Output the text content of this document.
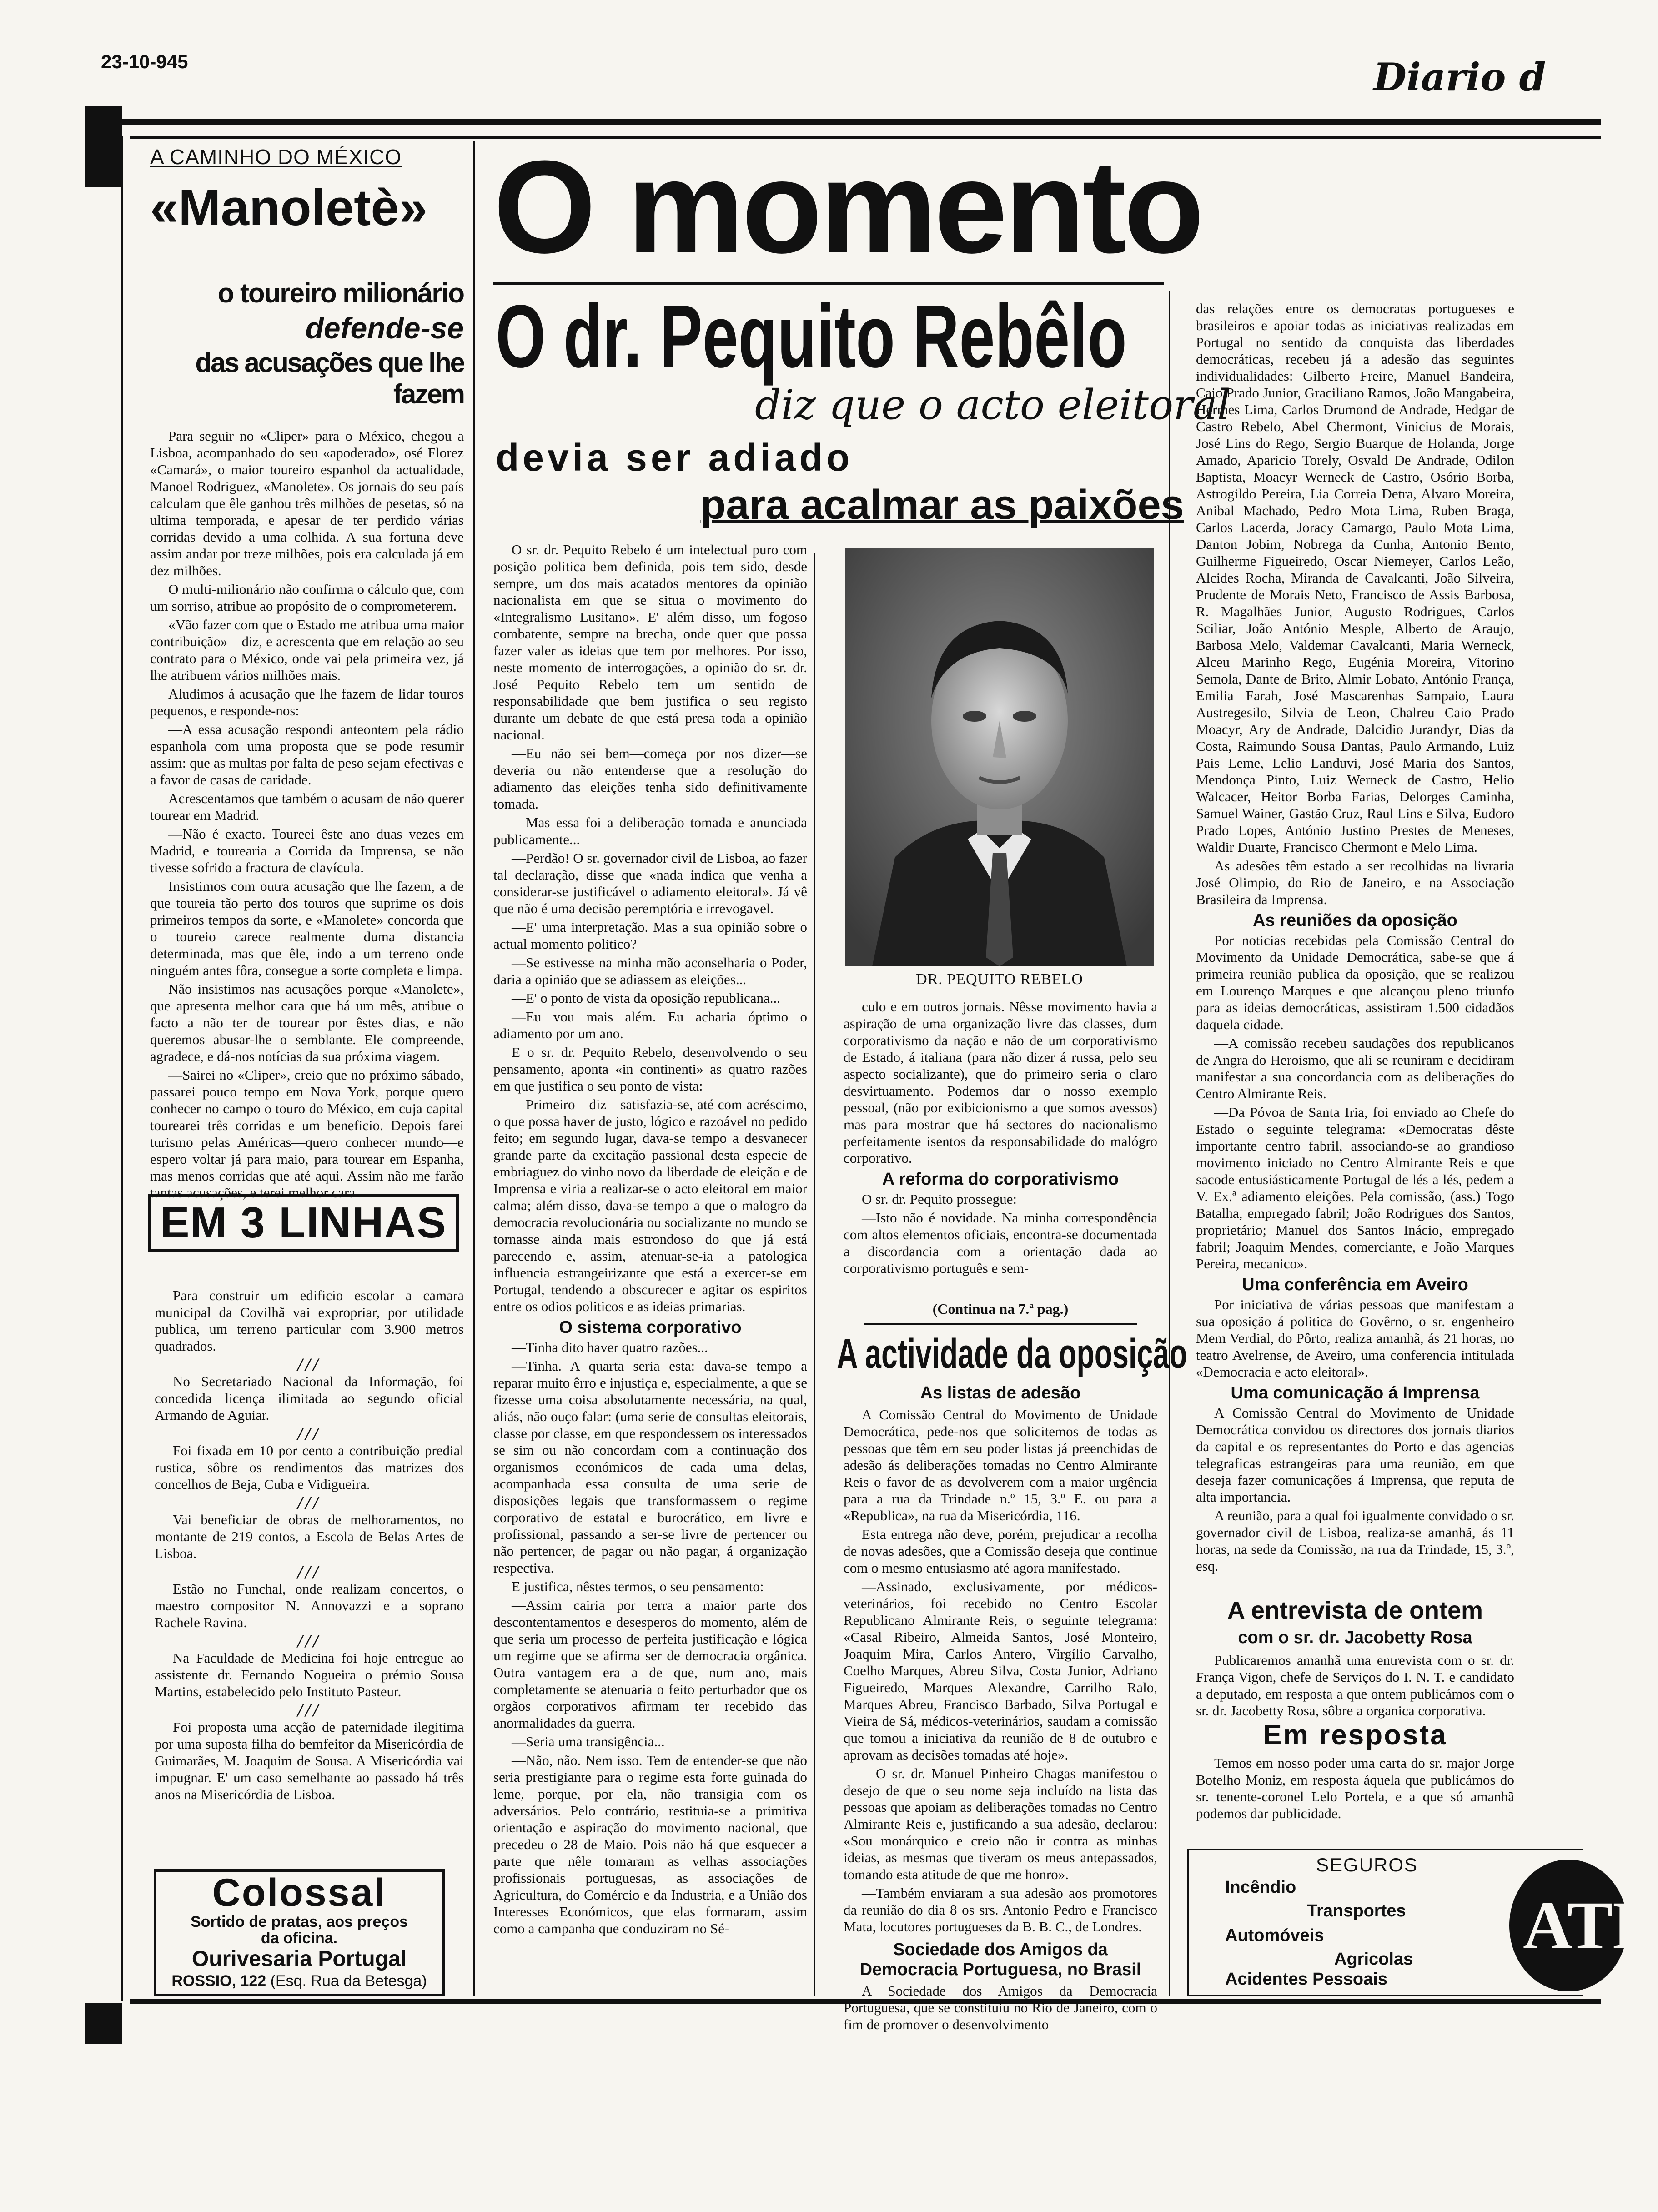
23-10-945	Diario d
A CAMINHO DO MÉXICO
«Manoletè»
o toureiro milionário
defende-se
das acusações que lhe fazem

Para seguir no «Cliper» para o México, chegou a Lisboa, acompanhado do seu «apoderado», osé Florez «Camará», o maior toureiro espanhol da actualidade, Manoel Rodriguez, «Manolete». Os jornais do seu país calculam que êle ganhou três milhões de pesetas, só na ultima temporada, e apesar de ter perdido várias corridas devido a uma colhida. A sua fortuna deve assim andar por treze milhões, pois era calculada já em dez milhões.

O multi-milionário não confirma o cálculo que, com um sorriso, atribue ao propósito de o comprometerem.

«Vão fazer com que o Estado me atribua uma maior contribuição»—diz, e acrescenta que em relação ao seu contrato para o México, onde vai pela primeira vez, já lhe atribuem vários milhões mais.

Aludimos á acusação que lhe fazem de lidar touros pequenos, e responde-nos:

—A essa acusação respondi anteontem pela rádio espanhola com uma proposta que se pode resumir assim: que as multas por falta de peso sejam efectivas e a favor de casas de caridade.

Acrescentamos que também o acusam de não querer tourear em Madrid.

—Não é exacto. Toureei êste ano duas vezes em Madrid, e tourearia a Corrida da Imprensa, se não tivesse sofrido a fractura de clavícula.

Insistimos com outra acusação que lhe fazem, a de que toureia tão perto dos touros que suprime os dois primeiros tempos da sorte, e «Manolete» concorda que o toureio carece realmente duma distancia determinada, mas que êle, indo a um terreno onde ninguém antes fôra, consegue a sorte completa e limpa.

Não insistimos nas acusações porque «Manolete», que apresenta melhor cara que há um mês, atribue o facto a não ter de tourear por êstes dias, e não queremos abusar-lhe o semblante. Ele compreende, agradece, e dá-nos notícias da sua próxima viagem.

—Sairei no «Cliper», creio que no próximo sábado, passarei pouco tempo em Nova York, porque quero conhecer no campo o touro do México, em cuja capital tourearei três corridas e um beneficio. Depois farei turismo pelas Américas—quero conhecer mundo—e espero voltar já para maio, para tourear em Espanha, mas menos corridas que até aqui. Assim não me farão tantas acusações, e terei melhor cara.

EM 3 LINHAS

Para construir um edificio escolar a camara municipal da Covilhã vai expropriar, por utilidade publica, um terreno particular com 3.900 metros quadrados.

///

No Secretariado Nacional da Informação, foi concedida licença ilimitada ao segundo oficial Armando de Aguiar.

///

Foi fixada em 10 por cento a contribuição predial rustica, sôbre os rendimentos das matrizes dos concelhos de Beja, Cuba e Vidigueira.

///

Vai beneficiar de obras de melhoramentos, no montante de 219 contos, a Escola de Belas Artes de Lisboa.

///

Estão no Funchal, onde realizam concertos, o maestro compositor N. Annovazzi e a soprano Rachele Ravina.

///

Na Faculdade de Medicina foi hoje entregue ao assistente dr. Fernando Nogueira o prémio Sousa Martins, estabelecido pelo Instituto Pasteur.

///

Foi proposta uma acção de paternidade ilegitima por uma suposta filha do bemfeitor da Misericórdia de Guimarães, M. Joaquim de Sousa. A Misericórdia vai impugnar. E' um caso semelhante ao passado há três anos na Misericórdia de Lisboa.

Colossal
Sortido de pratas, aos preços
da oficina.
Ourivesaria Portugal
ROSSIO, 122 (Esq. Rua da Betesga)
O momento
O dr. Pequito Rebêlo
diz que o acto eleitoral
devia ser adiado
para acalmar as paixões

O sr. dr. Pequito Rebelo é um intelectual puro com posição politica bem definida, pois tem sido, desde sempre, um dos mais acatados mentores da opinião nacionalista em que se situa o movimento do «Integralismo Lusitano». E' além disso, um fogoso combatente, sempre na brecha, onde quer que possa fazer valer as ideias que tem por melhores. Por isso, neste momento de interrogações, a opinião do sr. dr. José Pequito Rebelo tem um sentido de responsabilidade que bem justifica o seu registo durante um debate de que está presa toda a opinião nacional.

—Eu não sei bem—começa por nos dizer—se deveria ou não entenderse que a resolução do adiamento das eleições tenha sido definitivamente tomada.

—Mas essa foi a deliberação tomada e anunciada publicamente...

—Perdão! O sr. governador civil de Lisboa, ao fazer tal declaração, disse que «nada indica que venha a considerar-se justificável o adiamento eleitoral». Já vê que não é uma decisão peremptória e irrevogavel.

—E' uma interpretação. Mas a sua opinião sobre o actual momento politico?

—Se estivesse na minha mão aconselharia o Poder, daria a opinião que se adiassem as eleições...

—E' o ponto de vista da oposição republicana...

—Eu vou mais além. Eu acharia óptimo o adiamento por um ano.

E o sr. dr. Pequito Rebelo, desenvolvendo o seu pensamento, aponta «in continenti» as quatro razões em que justifica o seu ponto de vista:

—Primeiro—diz—satisfazia-se, até com acréscimo, o que possa haver de justo, lógico e razoável no pedido feito; em segundo lugar, dava-se tempo a desvanecer grande parte da excitação passional desta especie de embriaguez do vinho novo da liberdade de eleição e de Imprensa e viria a realizar-se o acto eleitoral em maior calma; além disso, dava-se tempo a que o malogro da democracia revolucionária ou socializante no mundo se tornasse ainda mais estrondoso do que já está parecendo e, assim, atenuar-se-ia a patologica influencia estrangeirizante que está a exercer-se em Portugal, tendendo a obscurecer e agitar os espiritos entre os odios politicos e as ideias primarias.

O sistema corporativo

—Tinha dito haver quatro razões...

—Tinha. A quarta seria esta: dava-se tempo a reparar muito êrro e injustiça e, especialmente, a que se fizesse uma coisa absolutamente necessária, na qual, aliás, não ouço falar: (uma serie de consultas eleitorais, classe por classe, em que respondessem os interessados se sim ou não concordam com a continuação dos organismos económicos de cada uma delas, acompanhada essa consulta de uma serie de disposições legais que transformassem o regime corporativo de estatal e burocrático, em livre e profissional, passando a ser-se livre de pertencer ou não pertencer, de pagar ou não pagar, á organização respectiva.

E justifica, nêstes termos, o seu pensamento:

—Assim cairia por terra a maior parte dos descontentamentos e desesperos do momento, além de que seria um processo de perfeita justificação e lógica um regime que se afirma ser de democracia orgânica. Outra vantagem era a de que, num ano, mais completamente se atenuaria o feito perturbador que os orgãos corporativos afirmam ter recebido das anormalidades da guerra.

—Seria uma transigência...

—Não, não. Nem isso. Tem de entender-se que não seria prestigiante para o regime esta forte guinada do leme, porque, por ela, não transigia com os adversários. Pelo contrário, restituia-se a primitiva orientação e aspiração do movimento nacional, que precedeu o 28 de Maio. Pois não há que esquecer a parte que nêle tomaram as velhas associações profissionais portuguesas, as associações de Agricultura, do Comércio e da Industria, e a União dos Interesses Económicos, que elas formaram, assim como a campanha que conduziram no Sé-

DR. PEQUITO REBELO

culo e em outros jornais. Nêsse movimento havia a aspiração de uma organização livre das classes, dum corporativismo da nação e não de um corporativismo de Estado, á italiana (para não dizer á russa, pelo seu aspecto socializante), que do primeiro seria o claro desvirtuamento. Podemos dar o nosso exemplo pessoal, (não por exibicionismo a que somos avessos) mas para mostrar que há sectores do nacionalismo perfeitamente isentos da responsabilidade do malógro corporativo.

A reforma do corporativismo

O sr. dr. Pequito prossegue:

—Isto não é novidade. Na minha correspondência com altos elementos oficiais, encontra-se documentada a discordancia com a orientação dada ao corporativismo português e sem-

(Continua na 7.ª pag.)
A actividade da oposição
As listas de adesão

A Comissão Central do Movimento de Unidade Democrática, pede-nos que solicitemos de todas as pessoas que têm em seu poder listas já preenchidas de adesão ás deliberações tomadas no Centro Almirante Reis o favor de as devolverem com a maior urgência para a rua da Trindade n.º 15, 3.º E. ou para a «Republica», na rua da Misericórdia, 116.

Esta entrega não deve, porém, prejudicar a recolha de novas adesões, que a Comissão deseja que continue com o mesmo entusiasmo até agora manifestado.

—Assinado, exclusivamente, por médicos-veterinários, foi recebido no Centro Escolar Republicano Almirante Reis, o seguinte telegrama: «Casal Ribeiro, Almeida Santos, José Monteiro, Joaquim Mira, Carlos Antero, Virgílio Carvalho, Coelho Marques, Abreu Silva, Costa Junior, Adriano Figueiredo, Marques Alexandre, Carrilho Ralo, Marques Abreu, Francisco Barbado, Silva Portugal e Vieira de Sá, médicos-veterinários, saudam a comissão que tomou a iniciativa da reunião de 8 de outubro e aprovam as decisões tomadas até hoje».

—O sr. dr. Manuel Pinheiro Chagas manifestou o desejo de que o seu nome seja incluído na lista das pessoas que apoiam as deliberações tomadas no Centro Almirante Reis e, justificando a sua adesão, declarou: «Sou monárquico e creio não ir contra as minhas ideias, as mesmas que tiveram os meus antepassados, tomando esta atitude de que me honro».

—Também enviaram a sua adesão aos promotores da reunião do dia 8 os srs. Antonio Pedro e Francisco Mata, locutores portugueses da B. B. C., de Londres.

Sociedade dos Amigos da Democracia Portuguesa, no Brasil

A Sociedade dos Amigos da Democracia Portuguesa, que se constituiu no Rio de Janeiro, com o fim de promover o desenvolvimento

das relações entre os democratas portugueses e brasileiros e apoiar todas as iniciativas realizadas em Portugal no sentido da conquista das liberdades democráticas, recebeu já a adesão das seguintes individualidades: Gilberto Freire, Manuel Bandeira, Caio Prado Junior, Graciliano Ramos, João Mangabeira, Hermes Lima, Carlos Drumond de Andrade, Hedgar de Castro Rebelo, Abel Chermont, Vinicius de Morais, José Lins do Rego, Sergio Buarque de Holanda, Jorge Amado, Aparicio Torely, Osvald De Andrade, Odilon Baptista, Moacyr Werneck de Castro, Osório Borba, Astrogildo Pereira, Lia Correia Detra, Alvaro Moreira, Anibal Machado, Pedro Mota Lima, Ruben Braga, Carlos Lacerda, Joracy Camargo, Paulo Mota Lima, Danton Jobim, Nobrega da Cunha, Antonio Bento, Guilherme Figueiredo, Oscar Niemeyer, Carlos Leão, Alcides Rocha, Miranda de Cavalcanti, João Silveira, Prudente de Morais Neto, Francisco de Assis Barbosa, R. Magalhães Junior, Augusto Rodrigues, Carlos Sciliar, João António Mesple, Alberto de Araujo, Barbosa Melo, Valdemar Cavalcanti, Maria Werneck, Alceu Marinho Rego, Eugénia Moreira, Vitorino Semola, Dante de Brito, Almir Lobato, António França, Emilia Farah, José Mascarenhas Sampaio, Laura Austregesilo, Silvia de Leon, Chalreu Caio Prado Moacyr, Ary de Andrade, Dalcidio Jurandyr, Dias da Costa, Raimundo Sousa Dantas, Paulo Armando, Luiz Pais Leme, Lelio Landuvi, José Maria dos Santos, Mendonça Pinto, Luiz Werneck de Castro, Helio Walcacer, Heitor Borba Farias, Delorges Caminha, Samuel Wainer, Gastão Cruz, Raul Lins e Silva, Eudoro Prado Lopes, António Justino Prestes de Meneses, Waldir Duarte, Francisco Chermont e Melo Lima.

As adesões têm estado a ser recolhidas na livraria José Olimpio, do Rio de Janeiro, e na Associação Brasileira da Imprensa.

As reuniões da oposição

Por noticias recebidas pela Comissão Central do Movimento da Unidade Democrática, sabe-se que á primeira reunião publica da oposição, que se realizou em Lourenço Marques e que alcançou pleno triunfo para as ideias democráticas, assistiram 1.500 cidadãos daquela cidade.

—A comissão recebeu saudações dos republicanos de Angra do Heroismo, que ali se reuniram e decidiram manifestar a sua concordancia com as deliberações do Centro Almirante Reis.

—Da Póvoa de Santa Iria, foi enviado ao Chefe do Estado o seguinte telegrama: «Democratas dêste importante centro fabril, associando-se ao grandioso movimento iniciado no Centro Almirante Reis e que sacode entusiásticamente Portugal de lés a lés, pedem a V. Ex.ª adiamento eleições. Pela comissão, (ass.) Togo Batalha, empregado fabril; João Rodrigues dos Santos, proprietário; Manuel dos Santos Inácio, empregado fabril; Joaquim Mendes, comerciante, e João Marques Pereira, mecanico».

Uma conferência em Aveiro

Por iniciativa de várias pessoas que manifestam a sua oposição á politica do Govêrno, o sr. engenheiro Mem Verdial, do Pôrto, realiza amanhã, ás 21 horas, no teatro Avelrense, de Aveiro, uma conferencia intitulada «Democracia e acto eleitoral».

Uma comunicação á Imprensa

A Comissão Central do Movimento de Unidade Democrática convidou os directores dos jornais diarios da capital e os representantes do Porto e das agencias telegraficas estrangeiras para uma reunião, em que deseja fazer comunicações á Imprensa, que reputa de alta importancia.

A reunião, para a qual foi igualmente convidado o sr. governador civil de Lisboa, realiza-se amanhã, ás 11 horas, na sede da Comissão, na rua da Trindade, 15, 3.º, esq.

A entrevista de ontem
com o sr. dr. Jacobetty Rosa

Publicaremos amanhã uma entrevista com o sr. dr. França Vigon, chefe de Serviços do I. N. T. e candidato a deputado, em resposta a que ontem publicámos com o sr. dr. Jacobetty Rosa, sôbre a organica corporativa.

Em resposta

Temos em nosso poder uma carta do sr. major Jorge Botelho Moniz, em resposta áquela que publicámos do sr. tenente-coronel Lelo Portela, e a que só amanhã podemos dar publicidade.

SEGUROS
Incêndio
Transportes
Automóveis
Agricolas
Acidentes Pessoais
ATL
